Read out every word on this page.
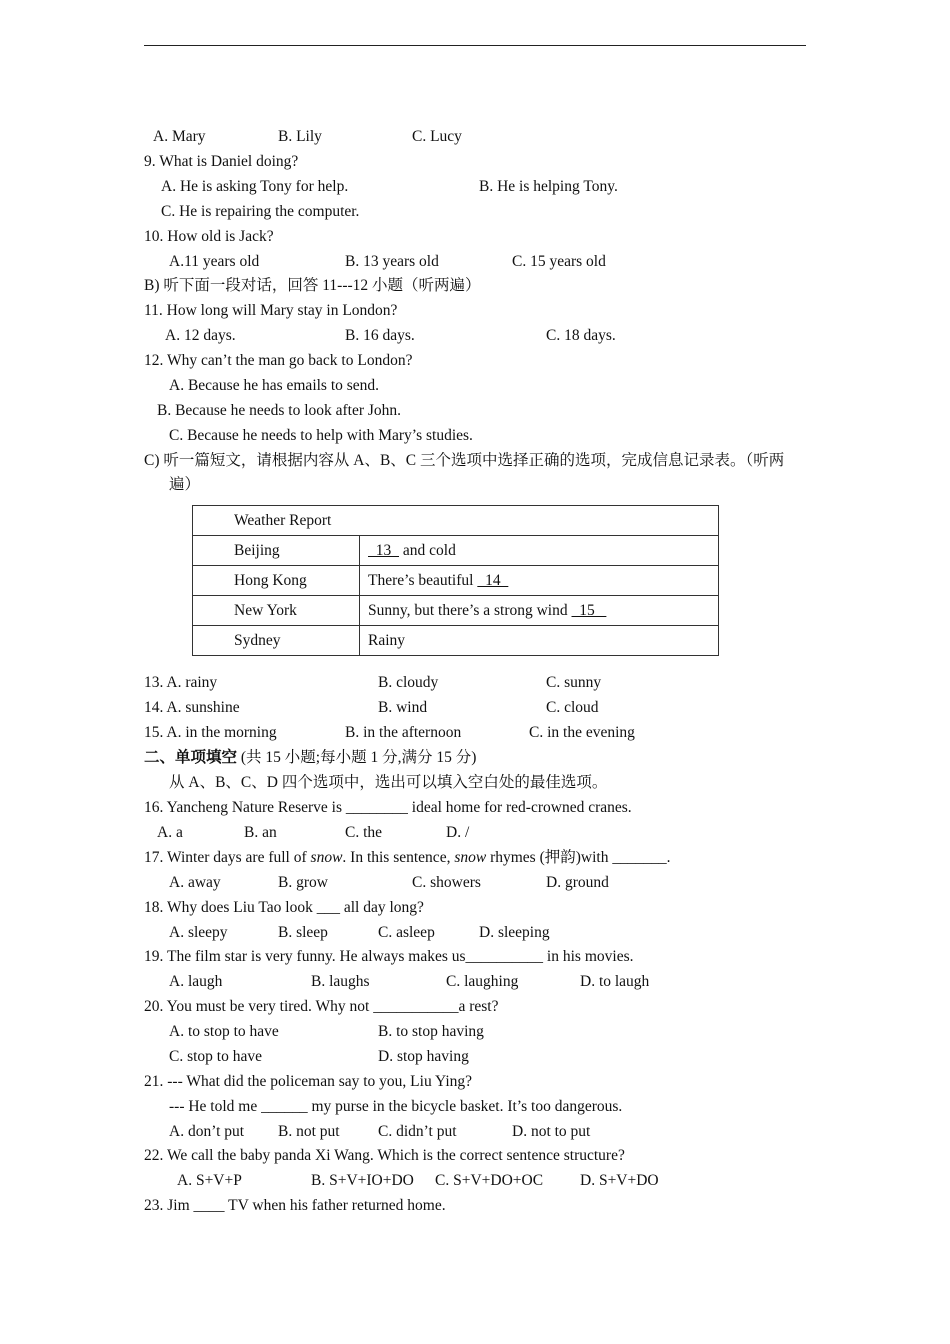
A. Mary	B. Lily	C. Lucy
9. What is Daniel doing?
A. He is asking Tony for help.	B. He is helping Tony.
C. He is repairing the computer.
10. How old is Jack?
A.11 years old	B. 13 years old	C. 15 years old
B) 听下面一段对话，回答 11---12 小题（听两遍）
11. How long will Mary stay in London?
A. 12 days.	B. 16 days.	C. 18 days.
12. Why can’t the man go back to London?
A. Because he has emails to send.
B. Because he needs to look after John.
C. Because he needs to help with Mary’s studies.
C) 听一篇短文，请根据内容从 A、B、C 三个选项中选择正确的选项，完成信息记录表。（听两
遍）
Weather Report	
Beijing	13   and cold
Hong Kong	There’s beautiful   14
New York	Sunny, but there’s a strong wind   15
Sydney	Rainy
13. A. rainy	B. cloudy	C. sunny
14. A. sunshine	B. wind	C. cloud
15. A. in the morning	B. in the afternoon	C. in the evening
二、单项填空 (共 15 小题;每小题 1 分,满分 15 分)
从 A、B、C、D 四个选项中，选出可以填入空白处的最佳选项。
16. Yancheng Nature Reserve is ________ ideal home for red-crowned cranes.
A. a	B. an	C. the	D. /
17. Winter days are full of snow. In this sentence, snow rhymes (押韵)with _______.
A. away	B. grow	C. showers	D. ground
18. Why does Liu Tao look ___ all day long?
A. sleepy	B. sleep	C. asleep	D. sleeping
19. The film star is very funny. He always makes us__________ in his movies.
A. laugh	B. laughs	C. laughing	D. to laugh
20. You must be very tired. Why not ___________a rest?
A. to stop to have	B. to stop having
C. stop to have	D. stop having
21. --- What did the policeman say to you, Liu Ying?
--- He told me ______ my purse in the bicycle basket. It’s too dangerous.
A. don’t put B. not put C. didn’t put	D. not to put
22. We call the baby panda Xi Wang. Which is the correct sentence structure?
A. S+V+P	B. S+V+IO+DO C. S+V+DO+OC D. S+V+DO
23. Jim ____ TV when his father returned home.
